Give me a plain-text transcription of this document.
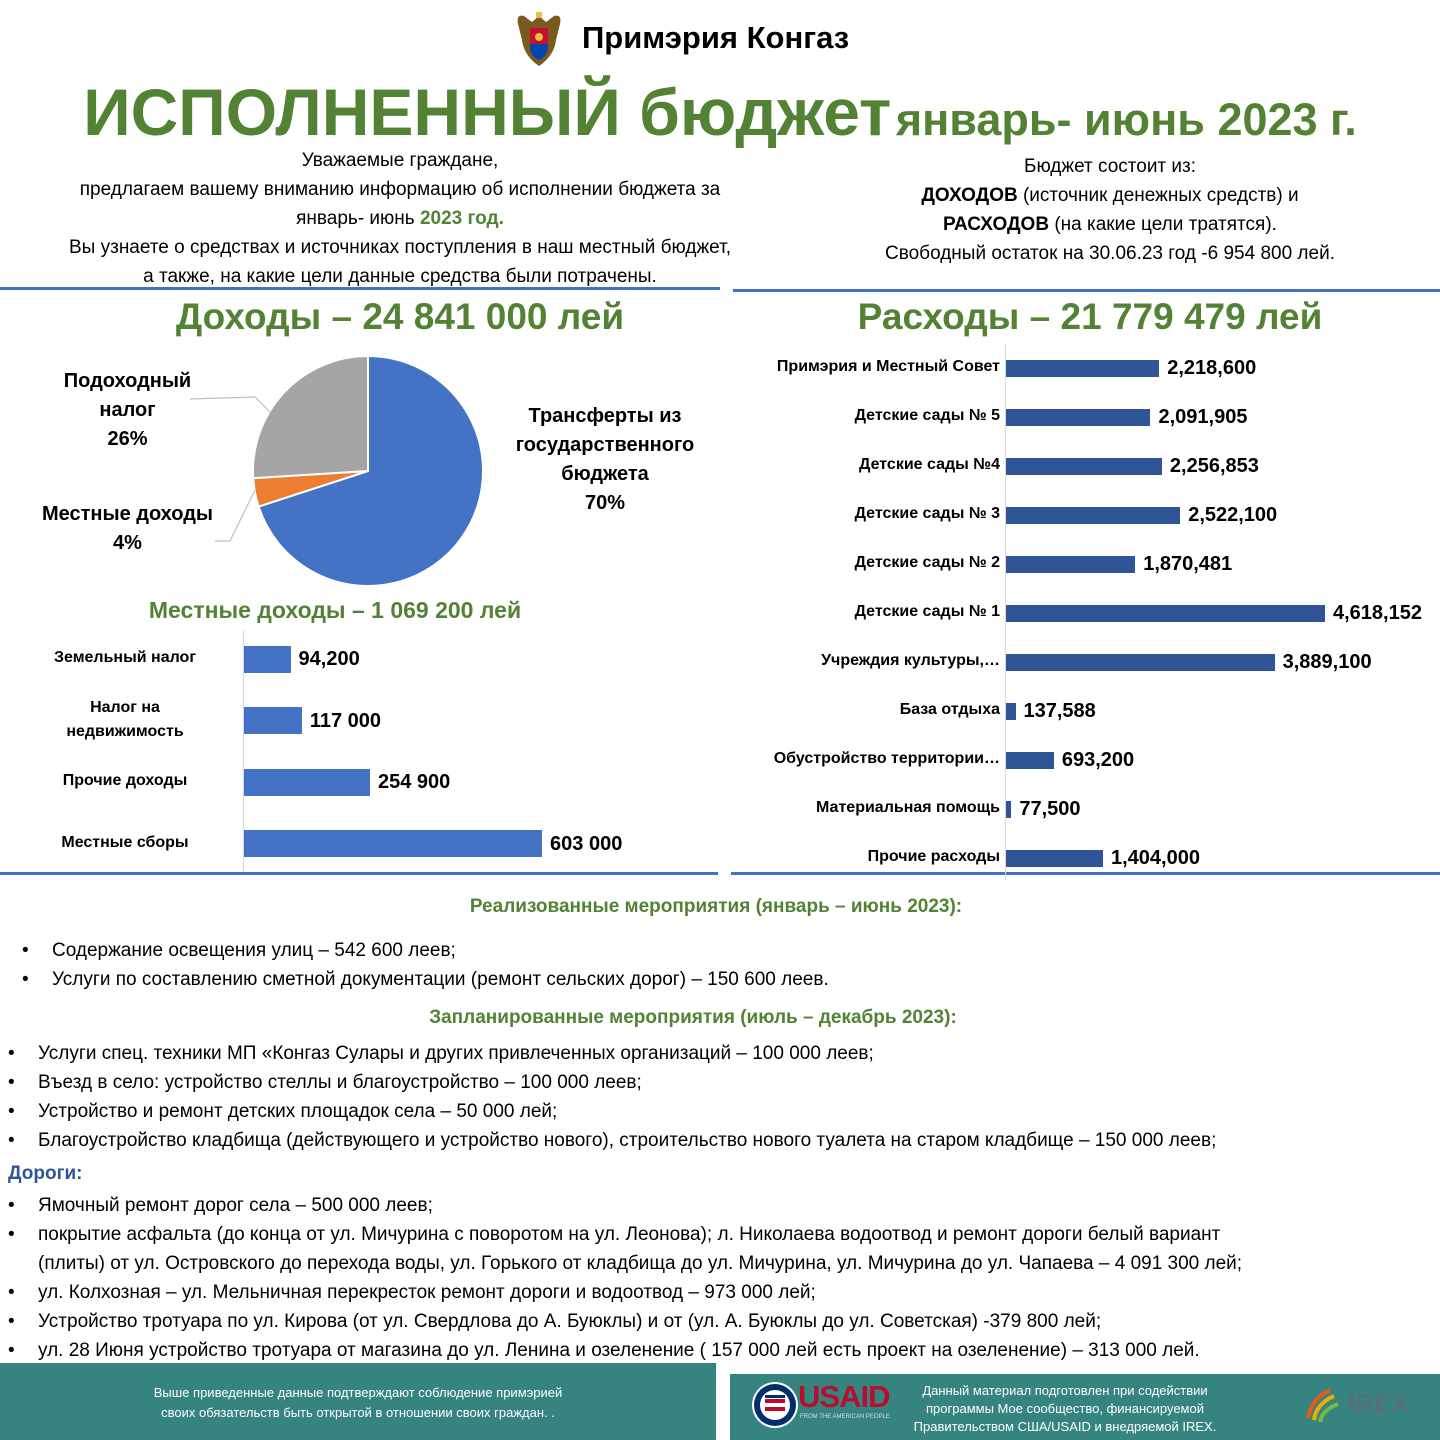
Примэрия Конгаз
ИСПОЛНЕННЫЙ бюджет январь- июнь 2023 г.
Уважаемые граждане,
предлагаем вашему вниманию информацию об исполнении бюджета за
январь- июнь 2023 год.
Вы узнаете о средствах и источниках поступления в наш местный бюджет,
а также, на какие цели данные средства были потрачены.
Бюджет состоит из:
ДОХОДОВ (источник денежных средств) и
РАСХОДОВ (на какие цели тратятся).
Свободный остаток на 30.06.23 год -6 954 800 лей.
Доходы – 24 841 000 лей
Трансферты из
государственного
бюджета
70%
Местные доходы
4%
Подоходный
налог
26%
Местные доходы – 1 069 200 лей
94,200
Земельный налог
117 000
Налог на
недвижимость
254 900
Прочие доходы
603 000
Местные сборы
Расходы – 21 779 479 лей
2,218,600
Примэрия и Местный Совет
2,091,905
Детские сады № 5
2,256,853
Детские сады №4
2,522,100
Детские сады № 3
1,870,481
Детские сады № 2
4,618,152
Детские сады № 1
3,889,100
Учреждия культуры,…
137,588
База отдыха
693,200
Обустройство территории…
77,500
Материальная помощь
1,404,000
Прочие расходы
Реализованные мероприятия (январь – июнь 2023):
• Содержание освещения улиц – 542 600 леев;
• Услуги по составлению сметной документации (ремонт сельских дорог) – 150 600 леев.
Запланированные мероприятия (июль – декабрь 2023):
• Услуги спец. техники МП «Конгаз Сулары и других привлеченных организаций – 100 000 леев;
• Въезд в село: устройство стеллы и благоустройство – 100 000 леев;
• Устройство и ремонт детских площадок села – 50 000 лей;
• Благоустройство кладбища (действующего и устройство нового), строительство нового туалета на старом кладбище – 150 000 леев;
Дороги:
• Ямочный ремонт дорог села – 500 000 леев;
• покрытие асфальта (до конца от ул. Мичурина с поворотом на ул. Леонова); л. Николаева водоотвод и ремонт дороги белый вариант
(плиты) от ул. Островского до перехода воды, ул. Горького от кладбища до ул. Мичурина, ул. Мичурина до ул. Чапаева – 4 091 300 лей;
• ул. Колхозная – ул. Мельничная перекресток ремонт дороги и водоотвод – 973 000 лей;
• Устройство тротуара по ул. Кирова (от ул. Свердлова до А. Буюклы) и от (ул. А. Буюклы до ул. Советская) -379 800 лей;
• ул. 28 Июня устройство тротуара от магазина до ул. Ленина и озеленение ( 157 000 лей есть проект на озеленение) – 313 000 лей.
Выше приведенные данные подтверждают соблюдение примэрией
своих обязательств быть открытой в отношении своих граждан. .	USAID
FROM THE AMERICAN PEOPLE
Данный материал подготовлен при содействии
программы Мое сообщество, финансируемой
Правительством США/USAID и внедряемой IREX.
IREX
